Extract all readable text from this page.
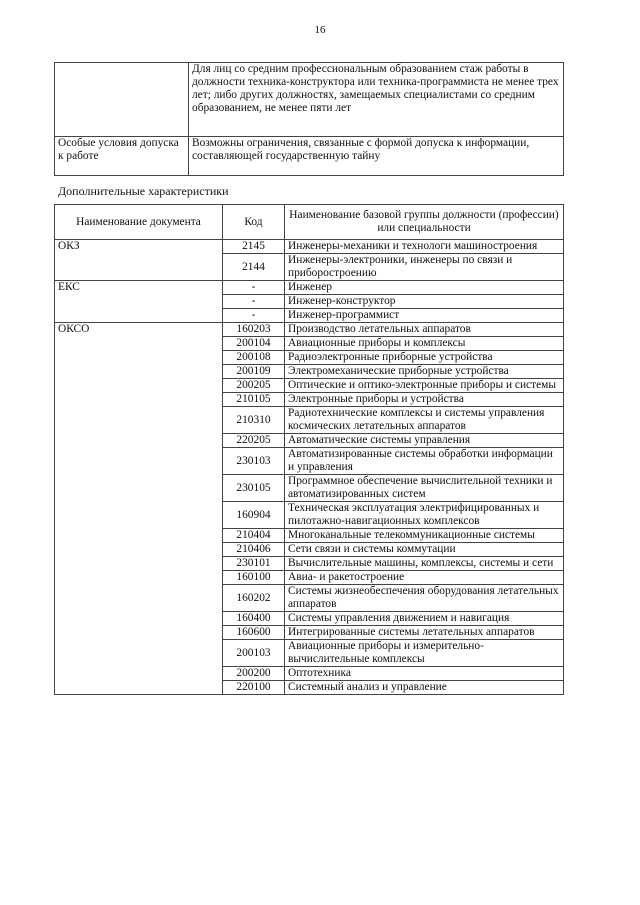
16
	Для лиц со средним профессиональным образованием стаж работы в должности техника-конструктора или техника-программиста не менее трех лет; либо других должностях, замещаемых специалистами со средним образованием, не менее пяти лет
Особые условия допуска к работе	Возможны ограничения, связанные с формой допуска к информации, составляющей государственную тайну
Дополнительные характеристики
Наименование документа	Код	Наименование базовой группы должности (профессии) или специальности
ОКЗ	2145	Инженеры-механики и технологи машиностроения
	2144	Инженеры-электроники, инженеры по связи и приборостроению
ЕКС	-	Инженер
	-	Инженер-конструктор
	-	Инженер-программист
ОКСО	160203	Производство летательных аппаратов
	200104	Авиационные приборы и комплексы
	200108	Радиоэлектронные приборные устройства
	200109	Электромеханические приборные устройства
	200205	Оптические и оптико-электронные приборы и системы
	210105	Электронные приборы и устройства
	210310	Радиотехнические комплексы и системы управления космических летательных аппаратов
	220205	Автоматические системы управления
	230103	Автоматизированные системы обработки информации и управления
	230105	Программное обеспечение вычислительной техники и автоматизированных систем
	160904	Техническая эксплуатация электрифицированных и пилотажно-навигационных комплексов
	210404	Многоканальные телекоммуникационные системы
	210406	Сети связи и системы коммутации
	230101	Вычислительные машины, комплексы, системы и сети
	160100	Авиа- и ракетостроение
	160202	Системы жизнеобеспечения оборудования летательных аппаратов
	160400	Системы управления движением и навигация
	160600	Интегрированные системы летательных аппаратов
	200103	Авиационные приборы и измерительно-вычислительные комплексы
	200200	Оптотехника
	220100	Системный анализ и управление
